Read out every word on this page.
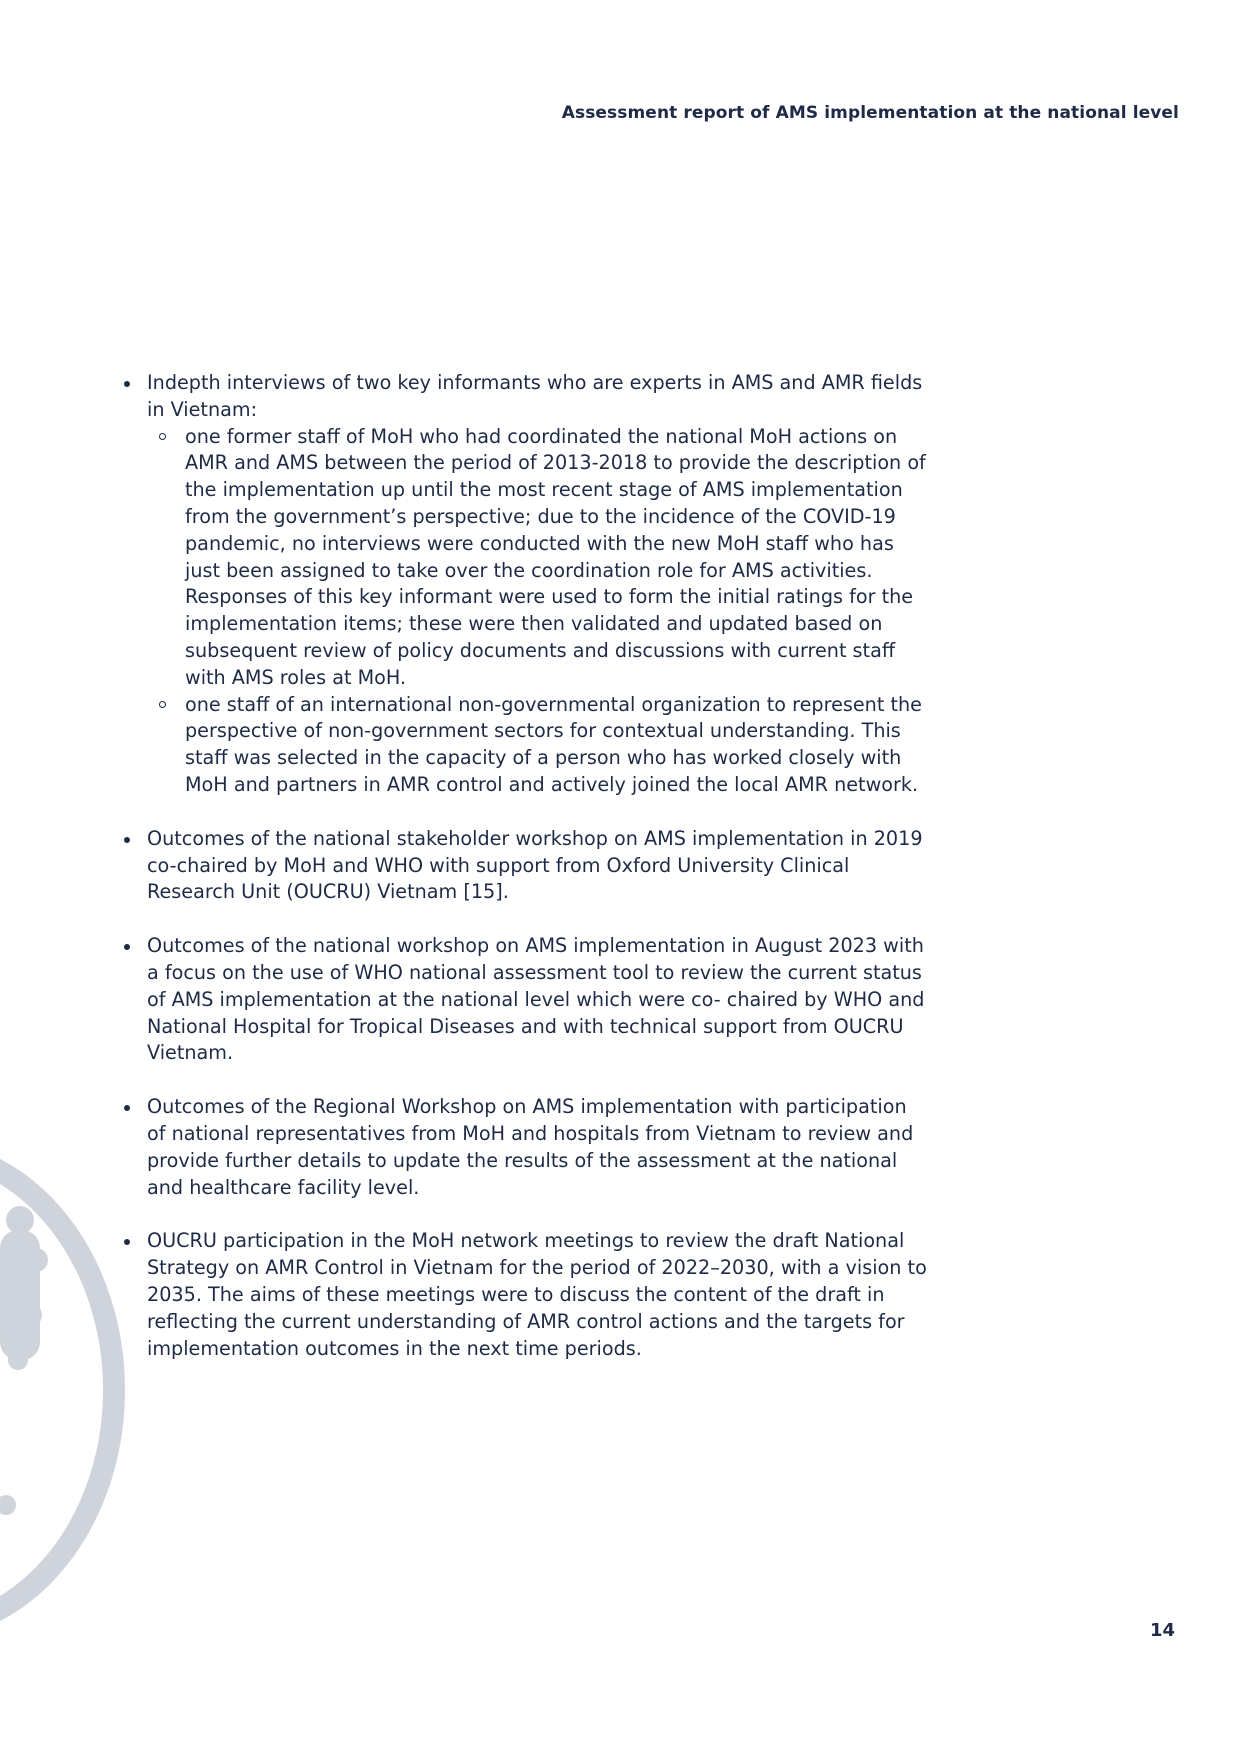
Assessment report of AMS implementation at the national level
Indepth interviews of two key informants who are experts in AMS and AMR fields in Vietnam:
one former staff of MoH who had coordinated the national MoH actions on AMR and AMS between the period of 2013-2018 to provide the description of the implementation up until the most recent stage of AMS implementation from the government’s perspective; due to the incidence of the COVID-19 pandemic, no interviews were conducted with the new MoH staff who has just been assigned to take over the coordination role for AMS activities. Responses of this key informant were used to form the initial ratings for the implementation items; these were then validated and updated based on subsequent review of policy documents and discussions with current staff with AMS roles at MoH.
one staff of an international non-governmental organization to represent the perspective of non-government sectors for contextual understanding. This staff was selected in the capacity of a person who has worked closely with MoH and partners in AMR control and actively joined the local AMR network.
Outcomes of the national stakeholder workshop on AMS implementation in 2019 co-chaired by MoH and WHO with support from Oxford University Clinical Research Unit (OUCRU) Vietnam [15].
Outcomes of the national workshop on AMS implementation in August 2023 with a focus on the use of WHO national assessment tool to review the current status of AMS implementation at the national level which were co- chaired by WHO and National Hospital for Tropical Diseases and with technical support from OUCRU Vietnam.
Outcomes of the Regional Workshop on AMS implementation with participation of national representatives from MoH and hospitals from Vietnam to review and provide further details to update the results of the assessment at the national and healthcare facility level.
OUCRU participation in the MoH network meetings to review the draft National Strategy on AMR Control in Vietnam for the period of 2022–2030, with a vision to 2035. The aims of these meetings were to discuss the content of the draft in reflecting the current understanding of AMR control actions and the targets for implementation outcomes in the next time periods.
14
